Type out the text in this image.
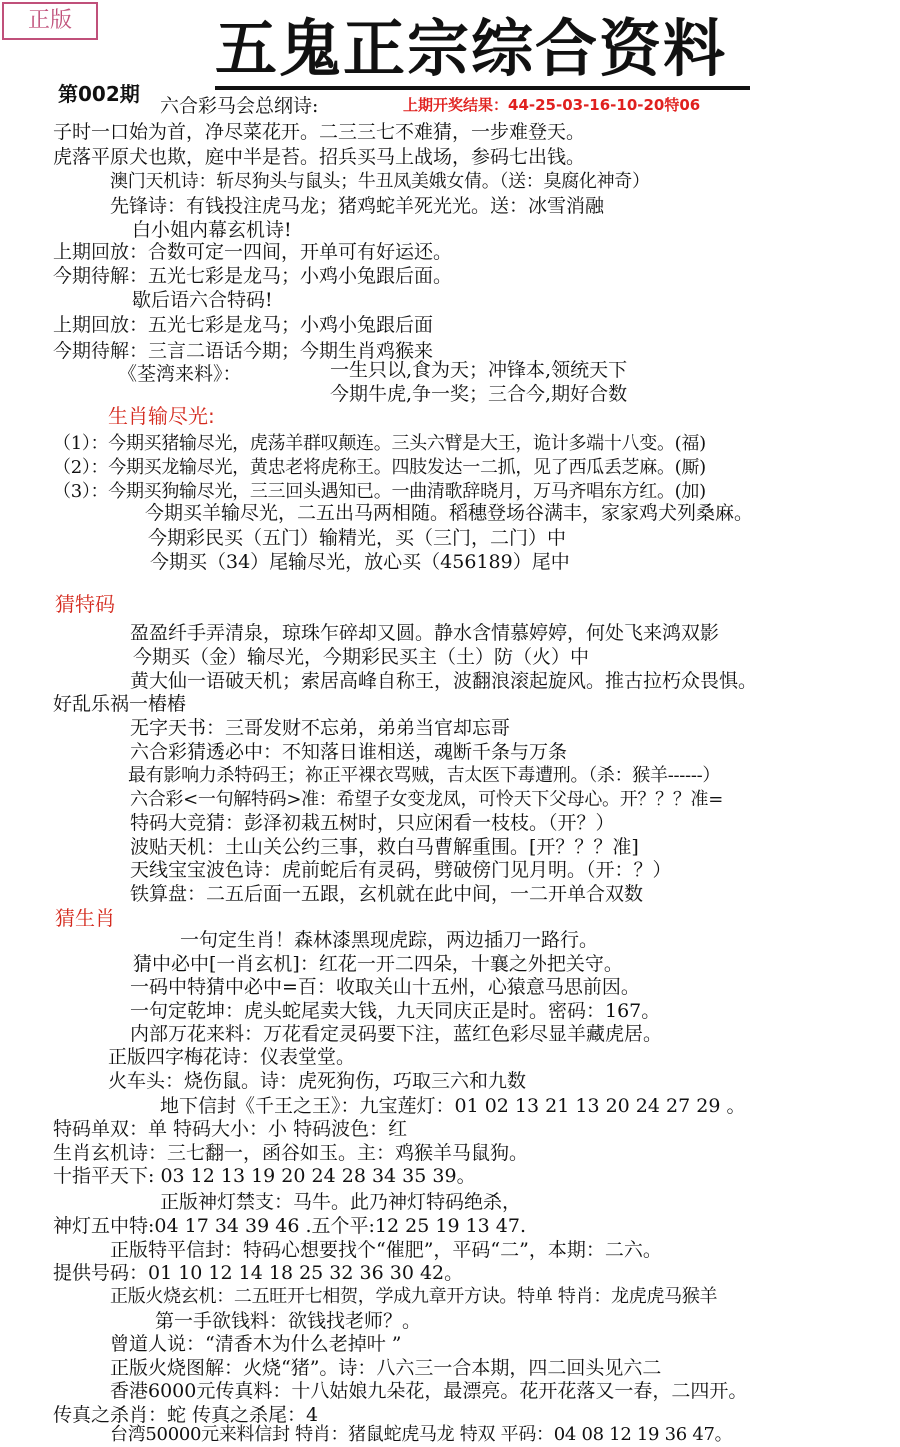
正版	五鬼正宗综合资料
第002期	上期开奖结果：44-25-03-16-10-20特06
六合彩马会总纲诗:
子时一口始为首，净尽菜花开。二三三七不难猜，一步难登天。
虎落平原犬也欺，庭中半是苔。招兵买马上战场，参码七出钱。
澳门天机诗：斩尽狗头与鼠头；牛丑凤美娥女倩。（送：臭腐化神奇）
先锋诗：有钱投注虎马龙；猪鸡蛇羊死光光。送：冰雪消融
白小姐内幕玄机诗!
上期回放：合数可定一四间，开单可有好运还。
今期待解：五光七彩是龙马；小鸡小兔跟后面。
歇后语六合特码!
上期回放：五光七彩是龙马；小鸡小兔跟后面
今期待解：三言二语话今期；今期生肖鸡猴来
《荃湾来料》：	一生只以,食为天；冲锋本,领统天下
今期牛虎,争一奖；三合今,期好合数
生肖输尽光:
（1）：今期买猪输尽光，虎荡羊群叹颠连。三头六臂是大王，诡计多端十八变。(福)
（2）：今期买龙输尽光，黄忠老将虎称王。四肢发达一二抓，见了西瓜丢芝麻。(厮)
（3）：今期买狗输尽光，三三回头遇知已。一曲清歌辞晓月，万马齐唱东方红。(加)
今期买羊输尽光，二五出马两相随。稻穗登场谷满丰，家家鸡犬列桑麻。
今期彩民买（五门）输精光，买（三门，二门）中
今期买（34）尾输尽光，放心买（456189）尾中
猜特码
盈盈纤手弄清泉，琼珠乍碎却又圆。静水含情慕婷婷，何处飞来鸿双影
今期买（金）输尽光，今期彩民买主（土）防（火）中
黄大仙一语破天机；索居高峰自称王，波翻浪滚起旋风。推古拉朽众畏惧。
好乱乐祸一樁樁
无字天书：三哥发财不忘弟，弟弟当官却忘哥
六合彩猜透必中：不知落日谁相送，魂断千条与万条
最有影响力杀特码王；祢正平裸衣骂贼，吉太医下毒遭刑。（杀：猴羊------）
六合彩<一句解特码>准：希望子女变龙凤，可怜天下父母心。开？？？准=
特码大竞猜：彭泽初栽五树时，只应闲看一枝枝。（开？）
波贴天机：土山关公约三事，救白马曹解重围。[开？？？准]
天线宝宝波色诗：虎前蛇后有灵码，劈破傍门见月明。（开：？）
铁算盘：二五后面一五跟，玄机就在此中间，一二开单合双数
猜生肖
一句定生肖！森林漆黑现虎踪，两边插刀一路行。
猜中必中[一肖玄机]：红花一开二四朵，十襄之外把关守。
一码中特猜中必中=百：收取关山十五州，心猿意马思前因。
一句定乾坤：虎头蛇尾卖大钱，九天同庆正是时。密码：167。
内部万花来料：万花看定灵码要下注，蓝红色彩尽显羊藏虎居。
正版四字梅花诗：仪表堂堂。
火车头：烧伤鼠。诗：虎死狗伤，巧取三六和九数
地下信封《千王之王》：九宝莲灯：01 02 13 21 13 20 24 27 29 。
特码单双：单 特码大小：小 特码波色：红
生肖玄机诗：三七翻一，函谷如玉。主：鸡猴羊马鼠狗。
十指平天下: 03 12 13 19 20 24 28 34 35 39。
正版神灯禁支：马牛。此乃神灯特码绝杀，
神灯五中特:04 17 34 39 46 .五个平:12 25 19 13 47.
正版特平信封：特码心想要找个“催肥”，平码“二”，本期：二六。
提供号码：01 10 12 14 18 25 32 36 30 42。
正版火烧玄机：二五旺开七相贺，学成九章开方诀。特单 特肖：龙虎虎马猴羊
第一手欲钱料：欲钱找老师？。
曾道人说：“清香木为什么老掉叶 ”
正版火烧图解：火烧“猪”。诗：八六三一合本期，四二回头见六二
香港6000元传真料：十八姑娘九朵花，最漂亮。花开花落又一春，二四开。
传真之杀肖：蛇 传真之杀尾：4
台湾50000元来料信封 特肖：猪鼠蛇虎马龙 特双 平码：04 08 12 19 36 47。
